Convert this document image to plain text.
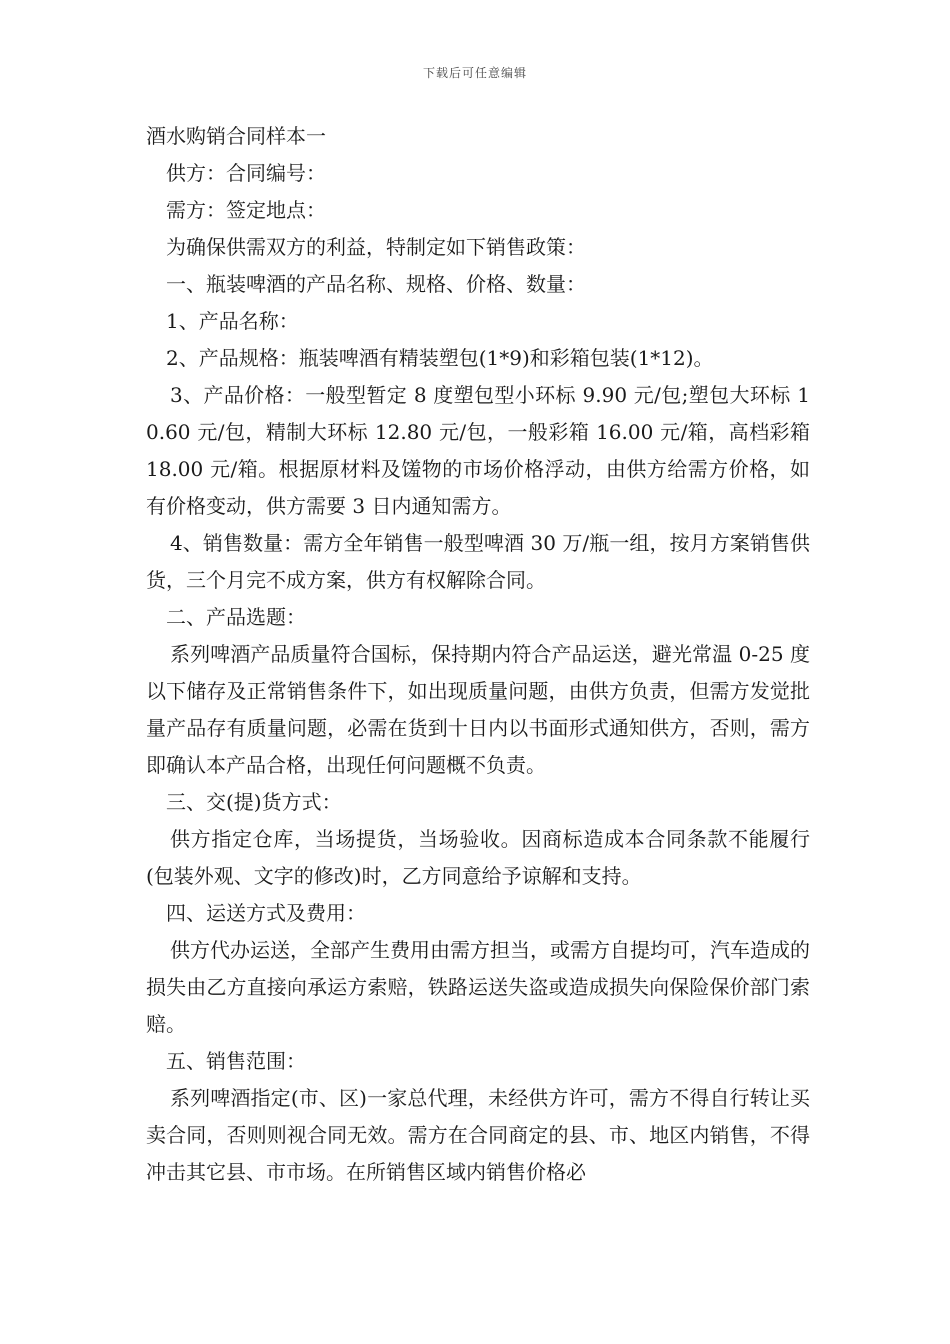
下载后可任意编辑
酒水购销合同样本一

供方：合同编号：

需方：签定地点：

为确保供需双方的利益，特制定如下销售政策：

一、瓶装啤酒的产品名称、规格、价格、数量：

1、产品名称：

2、产品规格：瓶装啤酒有精装塑包(1*9)和彩箱包装(1*12)。

3、产品价格：一般型暂定 8 度塑包型小环标 9.90 元/包;塑包大环标 10.60 元/包，精制大环标 12.80 元/包，一般彩箱 16.00 元/箱，高档彩箱 18.00 元/箱。根据原材料及馐物的市场价格浮动，由供方给需方价格，如有价格变动，供方需要 3 日内通知需方。

4、销售数量：需方全年销售一般型啤酒 30 万/瓶一组，按月方案销售供货，三个月完不成方案，供方有权解除合同。

二、产品选题：

系列啤酒产品质量符合国标，保持期内符合产品运送，避光常温 0-25 度以下储存及正常销售条件下，如出现质量问题，由供方负责，但需方发觉批量产品存有质量问题，必需在货到十日内以书面形式通知供方，否则，需方即确认本产品合格，出现任何问题概不负责。

三、交(提)货方式：

供方指定仓库，当场提货，当场验收。因商标造成本合同条款不能履行(包装外观、文字的修改)时，乙方同意给予谅解和支持。

四、运送方式及费用：

供方代办运送，全部产生费用由需方担当，或需方自提均可，汽车造成的损失由乙方直接向承运方索赔，铁路运送失盗或造成损失向保险保价部门索赔。

五、销售范围：

系列啤酒指定(市、区)一家总代理，未经供方许可，需方不得自行转让买卖合同，否则则视合同无效。需方在合同商定的县、市、地区内销售，不得冲击其它县、市市场。在所销售区域内销售价格必
